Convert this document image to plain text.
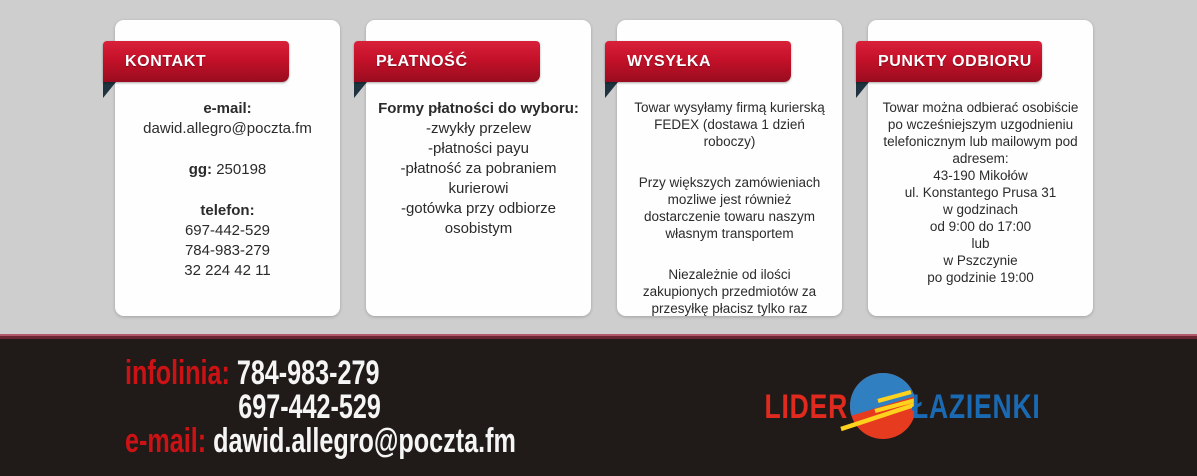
KONTAKT
e-mail:
dawid.allegro@poczta.fm
gg: 250198
telefon:
697-442-529
784-983-279
32 224 42 11
PŁATNOŚĆ
Formy płatności do wyboru:
-zwykły przelew
-płatności payu
-płatność za pobraniem kurierowi
-gotówka przy odbiorze osobistym
WYSYŁKA
Towar wysyłamy firmą kurierską FEDEX (dostawa 1 dzień roboczy)
Przy większych zamówieniach mozliwe jest również dostarczenie towaru naszym własnym transportem
Niezależnie od ilości zakupionych przedmiotów za przesyłkę płacisz tylko raz
PUNKTY ODBIORU
Towar można odbierać osobiście po wcześniejszym uzgodnieniu telefonicznym lub mailowym pod adresem:
43-190 Mikołów
ul. Konstantego Prusa 31
w godzinach
od 9:00 do 17:00
lub
w Pszczynie
po godzinie 19:00
infolinia: 784-983-279
697-442-529
e-mail: dawid.allegro@poczta.fm
LIDER ŁAZIENKI
